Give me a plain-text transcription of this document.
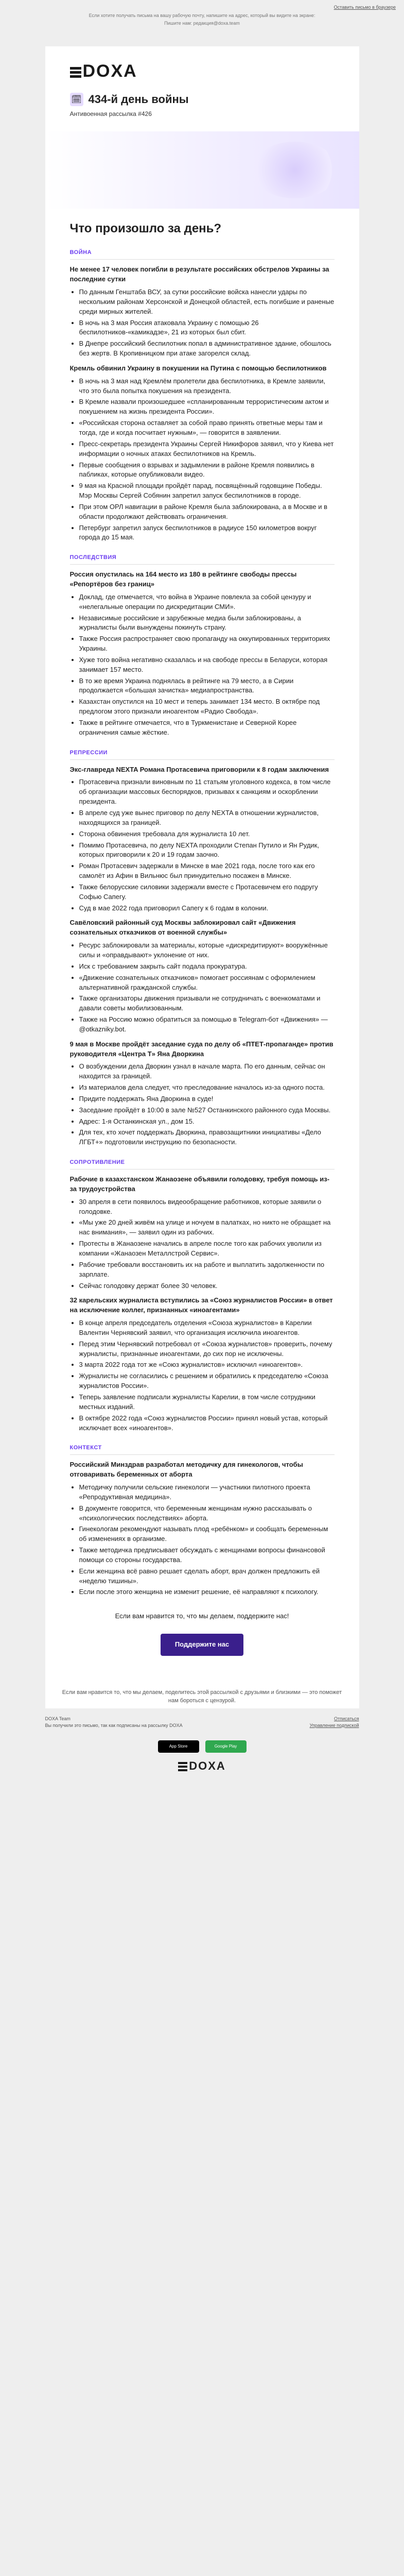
Оставить письмо в браузере

Если хотите получать письма на вашу рабочую почту, напишите на адрес, который вы видите на экране:

Пишите нам: редакция@doxa.team

DOXA
🗓 434-й день войны
Антивоенная рассылка #426
Что произошло за день?
ВОЙНА
Не менее 17 человек погибли в результате российских обстрелов Украины за последние сутки
• По данным Генштаба ВСУ, за сутки российские войска нанесли удары по нескольким районам Херсонской и Донецкой областей, есть погибшие и раненые среди мирных жителей.
• В ночь на 3 мая Россия атаковала Украину с помощью 26 беспилотников-«камикадзе», 21 из которых был сбит.
• В Днепре российский беспилотник попал в административное здание, обошлось без жертв. В Кропивницком при атаке загорелся склад.
Кремль обвинил Украину в покушении на Путина с помощью беспилотников
• В ночь на 3 мая над Кремлём пролетели два беспилотника, в Кремле заявили, что это была попытка покушения на президента.
• В Кремле назвали произошедшее «спланированным террористическим актом и покушением на жизнь президента России».
• «Российская сторона оставляет за собой право принять ответные меры там и тогда, где и когда посчитает нужным», — говорится в заявлении.
• Пресс-секретарь президента Украины Сергей Никифоров заявил, что у Киева нет информации о ночных атаках беспилотников на Кремль.
• Первые сообщения о взрывах и задымлении в районе Кремля появились в пабликах, которые опубликовали видео.
• 9 мая на Красной площади пройдёт парад, посвящённый годовщине Победы. Мэр Москвы Сергей Собянин запретил запуск беспилотников в городе.
• При этом ОРЛ навигации в районе Кремля была заблокирована, а в Москве и в области продолжают действовать ограничения.
• Петербург запретил запуск беспилотников в радиусе 150 километров вокруг города до 15 мая.
ПОСЛЕДСТВИЯ
Россия опустилась на 164 место из 180 в рейтинге свободы прессы «Репортёров без границ»
• Доклад, где отмечается, что война в Украине повлекла за собой цензуру и «нелегальные операции по дискредитации СМИ».
• Независимые российские и зарубежные медиа были заблокированы, а журналисты были вынуждены покинуть страну.
• Также Россия распространяет свою пропаганду на оккупированных территориях Украины.
• Хуже того война негативно сказалась и на свободе прессы в Беларуси, которая занимает 157 место.
• В то же время Украина поднялась в рейтинге на 79 место, а в Сирии продолжается «большая зачистка» медиапространства.
• Казахстан опустился на 10 мест и теперь занимает 134 место. В октябре под предлогом этого признали иноагентом «Радио Свобода».
• Также в рейтинге отмечается, что в Туркменистане и Северной Корее ограничения самые жёсткие.
РЕПРЕССИИ
Экс-главреда NEXTA Романа Протасевича приговорили к 8 годам заключения
• Протасевича признали виновным по 11 статьям уголовного кодекса, в том числе об организации массовых беспорядков, призывах к санкциям и оскорблении президента.
• В апреле суд уже вынес приговор по делу NEXTA в отношении журналистов, находящихся за границей.
• Сторона обвинения требовала для журналиста 10 лет.
• Помимо Протасевича, по делу NEXTA проходили Степан Путило и Ян Рудик, которых приговорили к 20 и 19 годам заочно.
• Роман Протасевич задержали в Минске в мае 2021 года, после того как его самолёт из Афин в Вильнюс был принудительно посажен в Минске.
• Также белорусские силовики задержали вместе с Протасевичем его подругу Софью Сапегу.
• Суд в мае 2022 года приговорил Сапегу к 6 годам в колонии.
Савёловский районный суд Москвы заблокировал сайт «Движения сознательных отказчиков от военной службы»
• Ресурс заблокировали за материалы, которые «дискредитируют» вооружённые силы и «оправдывают» уклонение от них.
• Иск с требованием закрыть сайт подала прокуратура.
• «Движение сознательных отказчиков» помогает россиянам с оформлением альтернативной гражданской службы.
• Также организаторы движения призывали не сотрудничать с военкоматами и давали советы мобилизованным.
• Также на Россию можно обратиться за помощью в Telegram-бот «Движения» — @otkazniky.bot.
9 мая в Москве пройдёт заседание суда по делу об «ПТЕТ-пропаганде» против руководителя «Центра Т» Яна Дворкина
• О возбуждении дела Дворкин узнал в начале марта. По его данным, сейчас он находится за границей.
• Из материалов дела следует, что преследование началось из-за одного поста.
• Придите поддержать Яна Дворкина в суде!
• Заседание пройдёт в 10:00 в зале №527 Останкинского районного суда Москвы.
• Адрес: 1-я Останкинская ул., дом 15.
• Для тех, кто хочет поддержать Дворкина, правозащитники инициативы «Дело ЛГБТ+» подготовили инструкцию по безопасности.
СОПРОТИВЛЕНИЕ
Рабочие в казахстанском Жанаозене объявили голодовку, требуя помощь из-за трудоустройства
• 30 апреля в сети появилось видеообращение работников, которые заявили о голодовке.
• «Мы уже 20 дней живём на улице и ночуем в палатках, но никто не обращает на нас внимания», — заявил один из рабочих.
• Протесты в Жанаозене начались в апреле после того как рабочих уволили из компании «Жанаозен Металлстрой Сервис».
• Рабочие требовали восстановить их на работе и выплатить задолженности по зарплате.
• Сейчас голодовку держат более 30 человек.
32 карельских журналиста вступились за «Союз журналистов России» в ответ на исключение коллег, признанных «иноагентами»
• В конце апреля председатель отделения «Союза журналистов» в Карелии Валентин Чернявский заявил, что организация исключила иноагентов.
• Перед этим Чернявский потребовал от «Союза журналистов» проверить, почему журналисты, признанные иноагентами, до сих пор не исключены.
• 3 марта 2022 года тот же «Союз журналистов» исключил «иноагентов».
• Журналисты не согласились с решением и обратились к председателю «Союза журналистов России».
• Теперь заявление подписали журналисты Карелии, в том числе сотрудники местных изданий.
• В октябре 2022 года «Союз журналистов России» принял новый устав, который исключает всех «иноагентов».
КОНТЕКСТ
Российский Минздрав разработал методичку для гинекологов, чтобы отговаривать беременных от аборта
• Методичку получили сельские гинекологи — участники пилотного проекта «Репродуктивная медицина».
• В документе говорится, что беременным женщинам нужно рассказывать о «психологических последствиях» аборта.
• Гинекологам рекомендуют называть плод «ребёнком» и сообщать беременным об изменениях в организме.
• Также методичка предписывает обсуждать с женщинами вопросы финансовой помощи со стороны государства.
• Если женщина всё равно решает сделать аборт, врач должен предложить ей «неделю тишины».
• Если после этого женщина не изменит решение, её направляют к психологу.
Если вам нравится то, что мы делаем, поддержите нас!
Поддержите нас
Если вам нравится то, что мы делаем, поделитесь этой рассылкой с друзьями и близкими — это поможет нам бороться с цензурой.
DOXA Team
Вы получили это письмо, так как подписаны на рассылку DOXA
Отписаться
Управление подпиской
App Store	Google Play
DOXA
